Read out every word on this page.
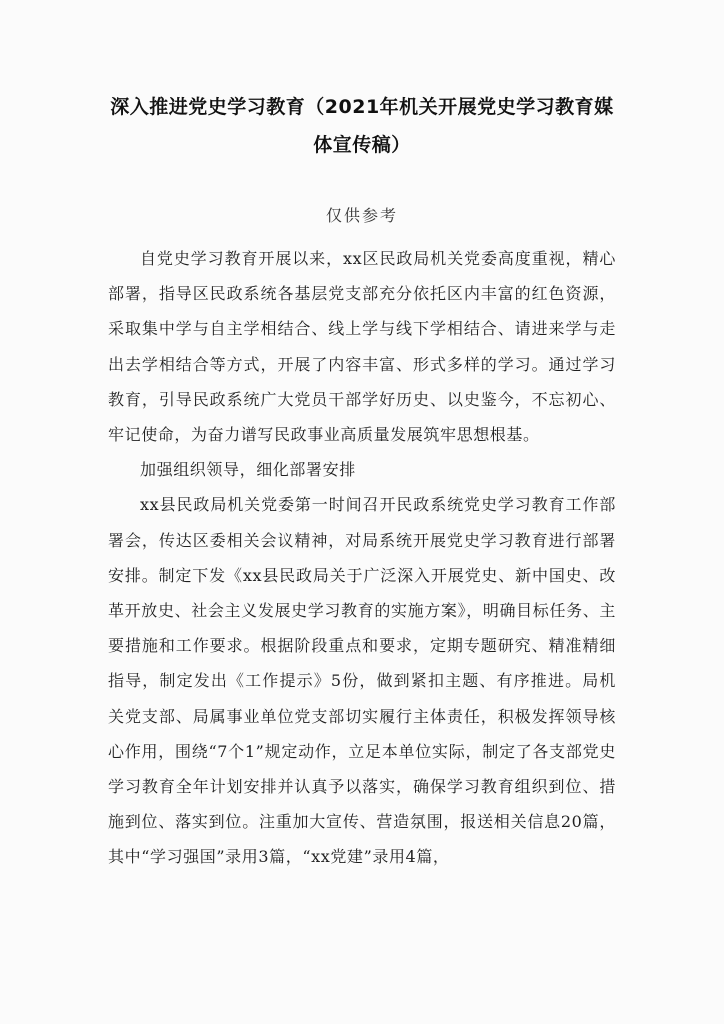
深入推进党史学习教育（2021年机关开展党史学习教育媒
体宣传稿）
仅供参考

自党史学习教育开展以来，xx区民政局机关党委高度重视，精心部署，指导区民政系统各基层党支部充分依托区内丰富的红色资源，采取集中学与自主学相结合、线上学与线下学相结合、请进来学与走出去学相结合等方式，开展了内容丰富、形式多样的学习。通过学习教育，引导民政系统广大党员干部学好历史、以史鉴今，不忘初心、牢记使命，为奋力谱写民政事业高质量发展筑牢思想根基。

加强组织领导，细化部署安排

xx县民政局机关党委第一时间召开民政系统党史学习教育工作部署会，传达区委相关会议精神，对局系统开展党史学习教育进行部署安排。制定下发《xx县民政局关于广泛深入开展党史、新中国史、改革开放史、社会主义发展史学习教育的实施方案》，明确目标任务、主要措施和工作要求。根据阶段重点和要求，定期专题研究、精准精细指导，制定发出《工作提示》5份，做到紧扣主题、有序推进。局机关党支部、局属事业单位党支部切实履行主体责任，积极发挥领导核心作用，围绕“7个1”规定动作，立足本单位实际，制定了各支部党史学习教育全年计划安排并认真予以落实，确保学习教育组织到位、措施到位、落实到位。注重加大宣传、营造氛围，报送相关信息20篇，其中“学习强国”录用3篇，“xx党建”录用4篇，
